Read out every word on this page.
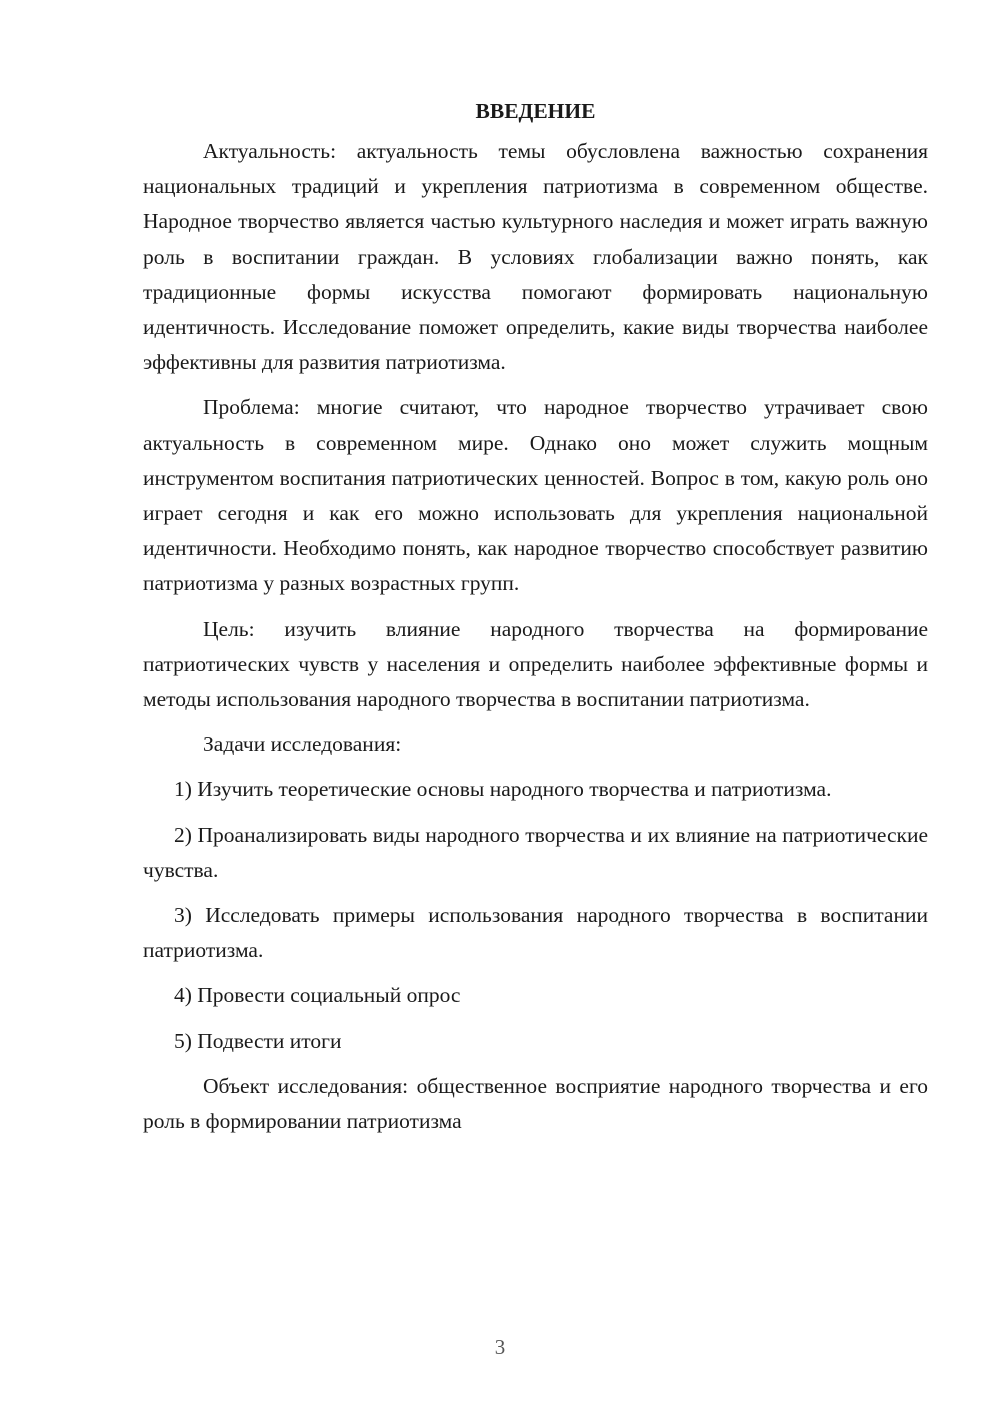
ВВЕДЕНИЕ

Актуальность: актуальность темы обусловлена важностью сохранения национальных традиций и укрепления патриотизма в современном обществе. Народное творчество является частью культурного наследия и может играть важную роль в воспитании граждан. В условиях глобализации важно понять, как традиционные формы искусства помогают формировать национальную идентичность. Исследование поможет определить, какие виды творчества наиболее эффективны для развития патриотизма.

Проблема: многие считают, что народное творчество утрачивает свою актуальность в современном мире. Однако оно может служить мощным инструментом воспитания патриотических ценностей. Вопрос в том, какую роль оно играет сегодня и как его можно использовать для укрепления национальной идентичности. Необходимо понять, как народное творчество способствует развитию патриотизма у разных возрастных групп.

Цель: изучить влияние народного творчества на формирование патриотических чувств у населения и определить наиболее эффективные формы и методы использования народного творчества в воспитании патриотизма.

Задачи исследования:

1) Изучить теоретические основы народного творчества и патриотизма.

2) Проанализировать виды народного творчества и их влияние на патриотические чувства.

3) Исследовать примеры использования народного творчества в воспитании патриотизма.

4) Провести социальный опрос

5) Подвести итоги

Объект исследования: общественное восприятие народного творчества и его роль в формировании патриотизма

3
